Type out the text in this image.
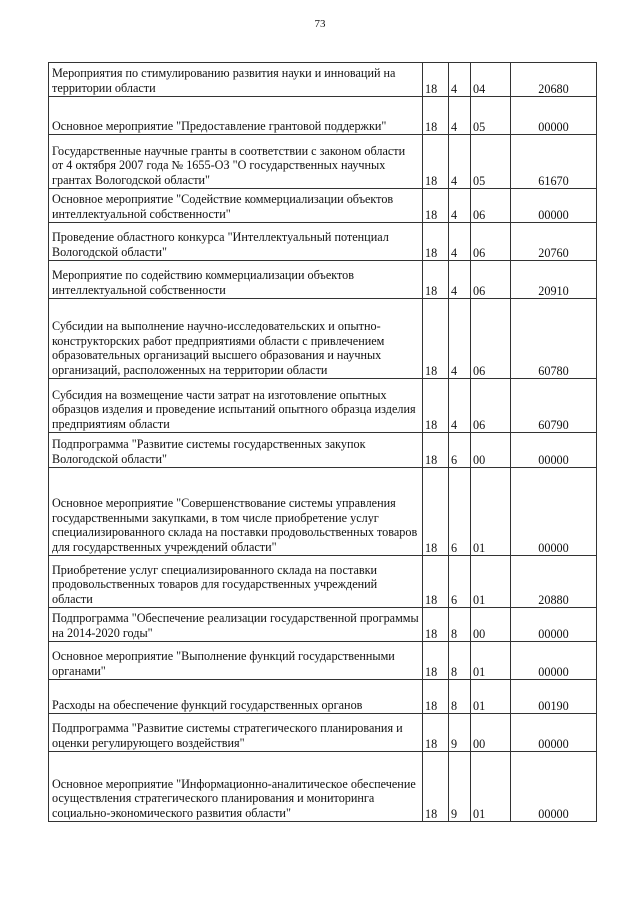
73
Мероприятия по стимулированию развития науки и инноваций на территории области	18	4	04	20680
Основное мероприятие "Предоставление грантовой поддержки"	18	4	05	00000
Государственные научные гранты в соответствии с законом области от 4 октября 2007 года № 1655-ОЗ "О государственных научных грантах Вологодской области"	18	4	05	61670
Основное мероприятие "Содействие коммерциализации объектов интеллектуальной собственности"	18	4	06	00000
Проведение областного конкурса "Интеллектуальный потенциал Вологодской области"	18	4	06	20760
Мероприятие по содействию коммерциализации объектов интеллектуальной собственности	18	4	06	20910
Субсидии на выполнение научно-исследовательских и опытно-конструкторских работ предприятиями области с привлечением образовательных организаций высшего образования и научных организаций, расположенных на территории области	18	4	06	60780
Субсидия на возмещение части затрат на изготовление опытных образцов изделия и проведение испытаний опытного образца изделия предприятиям области	18	4	06	60790
Подпрограмма "Развитие системы государственных закупок Вологодской области"	18	6	00	00000
Основное мероприятие "Совершенствование системы управления государственными закупками, в том числе приобретение услуг специализированного склада на поставки продовольственных товаров для государственных учреждений области"	18	6	01	00000
Приобретение услуг специализированного склада на поставки продовольственных товаров для государственных учреждений области	18	6	01	20880
Подпрограмма "Обеспечение реализации государственной программы на 2014-2020 годы"	18	8	00	00000
Основное мероприятие "Выполнение функций государственными органами"	18	8	01	00000
Расходы на обеспечение функций государственных органов	18	8	01	00190
Подпрограмма "Развитие системы стратегического планирования и оценки регулирующего воздействия"	18	9	00	00000
Основное мероприятие "Информационно-аналитическое обеспечение осуществления стратегического планирования и мониторинга социально-экономического развития области"	18	9	01	00000
